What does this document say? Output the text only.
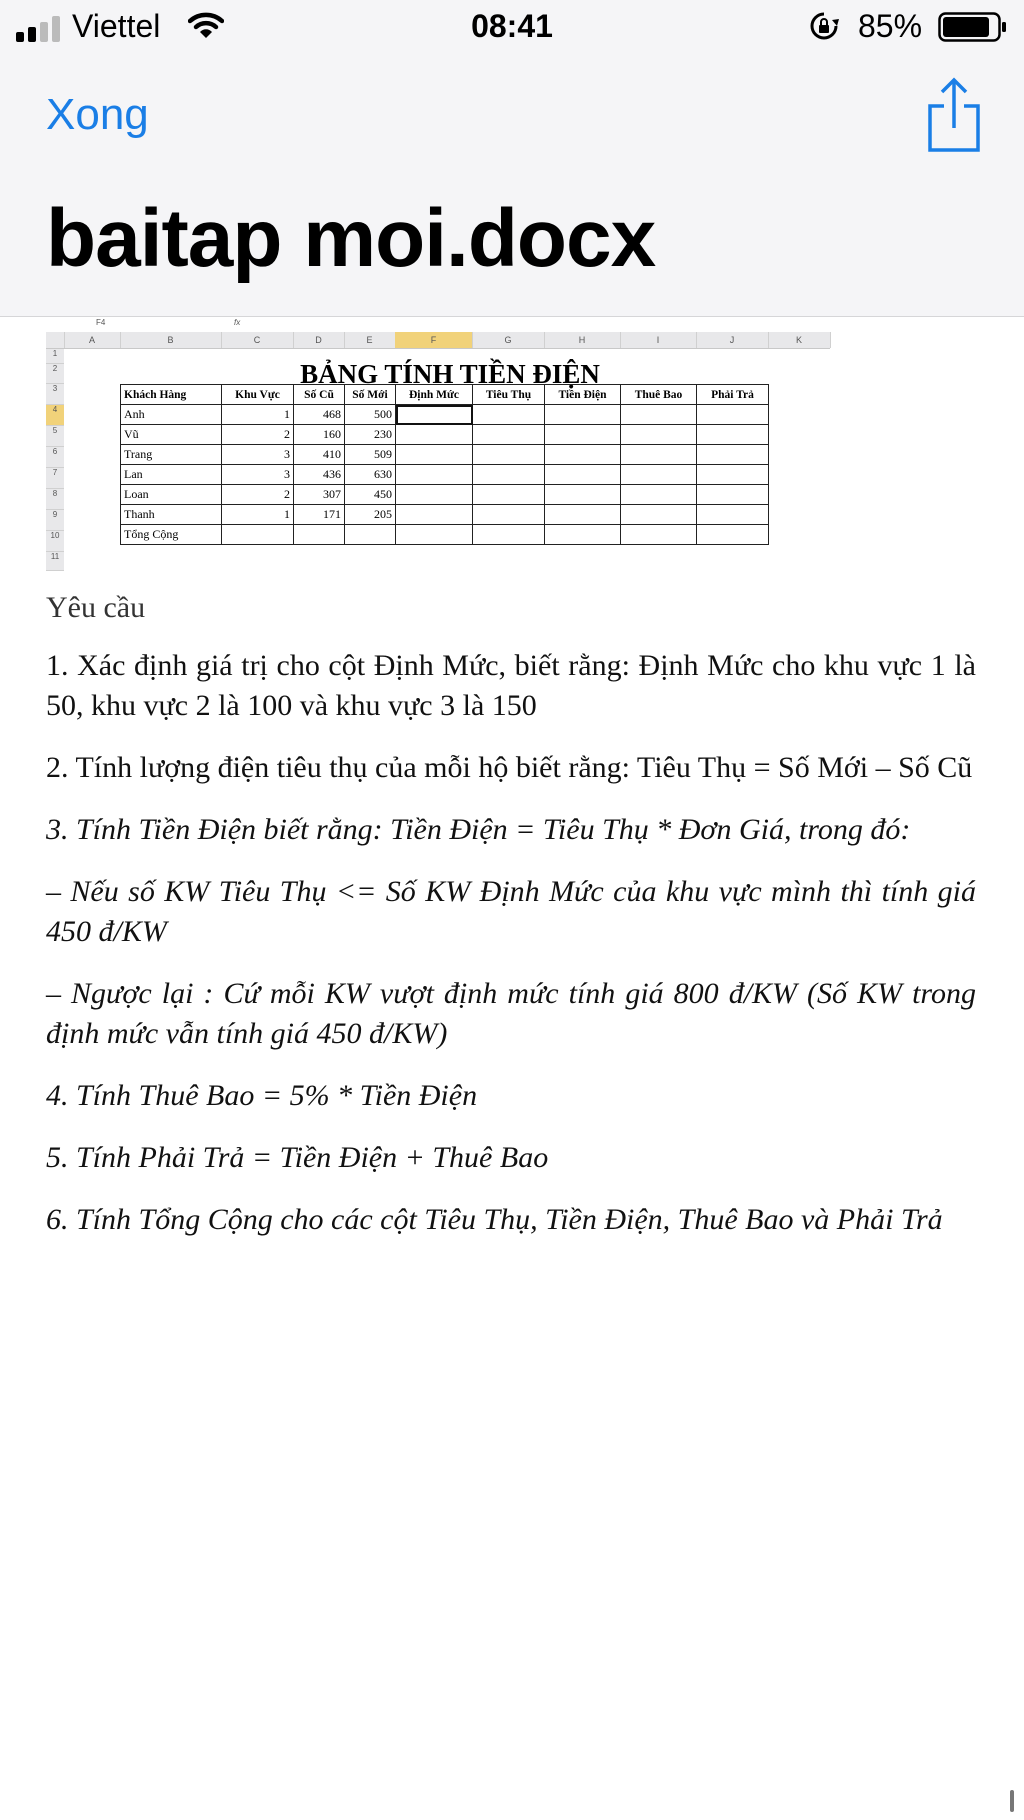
Viettel	08:41	85%
Xong
baitap moi.docx
F4	fx
A	B	C	D	E	F	G	H	I	J	K
1
2
3
4
5
6
7
8
9
10
11
BẢNG TÍNH TIỀN ĐIỆN
Khách Hàng	Khu Vực	Số Cũ	Số Mới	Định Mức	Tiêu Thụ	Tiền Điện	Thuê Bao	Phải Trả
Anh	1	468	500					
Vũ	2	160	230					
Trang	3	410	509					
Lan	3	436	630					
Loan	2	307	450					
Thanh	1	171	205					
Tổng Cộng								

Yêu cầu

1. Xác định giá trị cho cột Định Mức, biết rằng: Định Mức cho khu vực 1 là 50, khu vực 2 là 100 và khu vực 3 là 150

2. Tính lượng điện tiêu thụ của mỗi hộ biết rằng: Tiêu Thụ = Số Mới – Số Cũ

3. Tính Tiền Điện biết rằng: Tiền Điện = Tiêu Thụ * Đơn Giá, trong đó:

– Nếu số KW Tiêu Thụ <= Số KW Định Mức của khu vực mình thì tính giá 450 đ/KW

– Ngược lại : Cứ mỗi KW vượt định mức tính giá 800 đ/KW (Số KW trong định mức vẫn tính giá 450 đ/KW)

4. Tính Thuê Bao = 5% * Tiền Điện

5. Tính Phải Trả = Tiền Điện + Thuê Bao

6. Tính Tổng Cộng cho các cột Tiêu Thụ, Tiền Điện, Thuê Bao và Phải Trả
